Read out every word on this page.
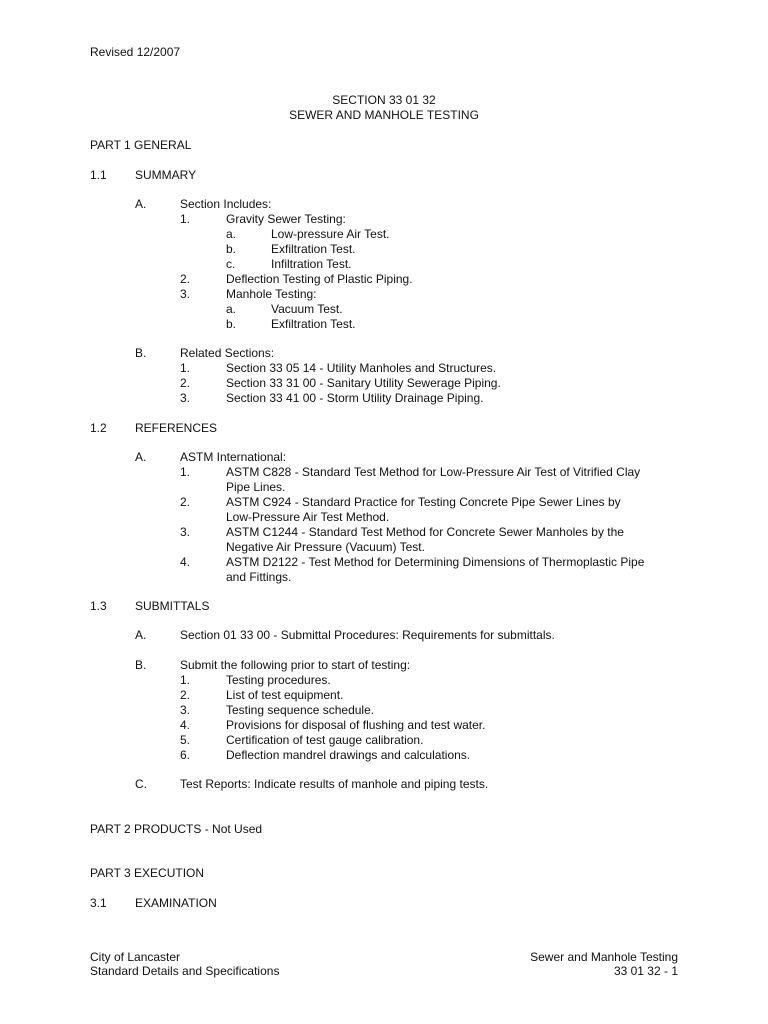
Revised 12/2007
SECTION 33 01 32
SEWER AND MANHOLE TESTING
PART 1 GENERAL
1.1 SUMMARY
A.	Section Includes:
1.	Gravity Sewer Testing:
a.	Low-pressure Air Test.
b.	Exfiltration Test.
c.	Infiltration Test.
2.	Deflection Testing of Plastic Piping.
3.	Manhole Testing:
a.	Vacuum Test.
b.	Exfiltration Test.
B.	Related Sections:
1.	Section 33 05 14 - Utility Manholes and Structures.
2.	Section 33 31 00 - Sanitary Utility Sewerage Piping.
3.	Section 33 41 00 - Storm Utility Drainage Piping.
1.2 REFERENCES
A.	ASTM International:
1.	ASTM C828 - Standard Test Method for Low-Pressure Air Test of Vitrified Clay
Pipe Lines.
2.	ASTM C924 - Standard Practice for Testing Concrete Pipe Sewer Lines by
Low-Pressure Air Test Method.
3.	ASTM C1244 - Standard Test Method for Concrete Sewer Manholes by the
Negative Air Pressure (Vacuum) Test.
4.	ASTM D2122 - Test Method for Determining Dimensions of Thermoplastic Pipe
and Fittings.
1.3 SUBMITTALS
A.	Section 01 33 00 - Submittal Procedures: Requirements for submittals.
B.	Submit the following prior to start of testing:
1.	Testing procedures.
2.	List of test equipment.
3.	Testing sequence schedule.
4.	Provisions for disposal of flushing and test water.
5.	Certification of test gauge calibration.
6.	Deflection mandrel drawings and calculations.
C.	Test Reports: Indicate results of manhole and piping tests.
PART 2 PRODUCTS - Not Used
PART 3 EXECUTION
3.1 EXAMINATION
City of Lancaster
Standard Details and Specifications
Sewer and Manhole Testing
33 01 32 - 1
